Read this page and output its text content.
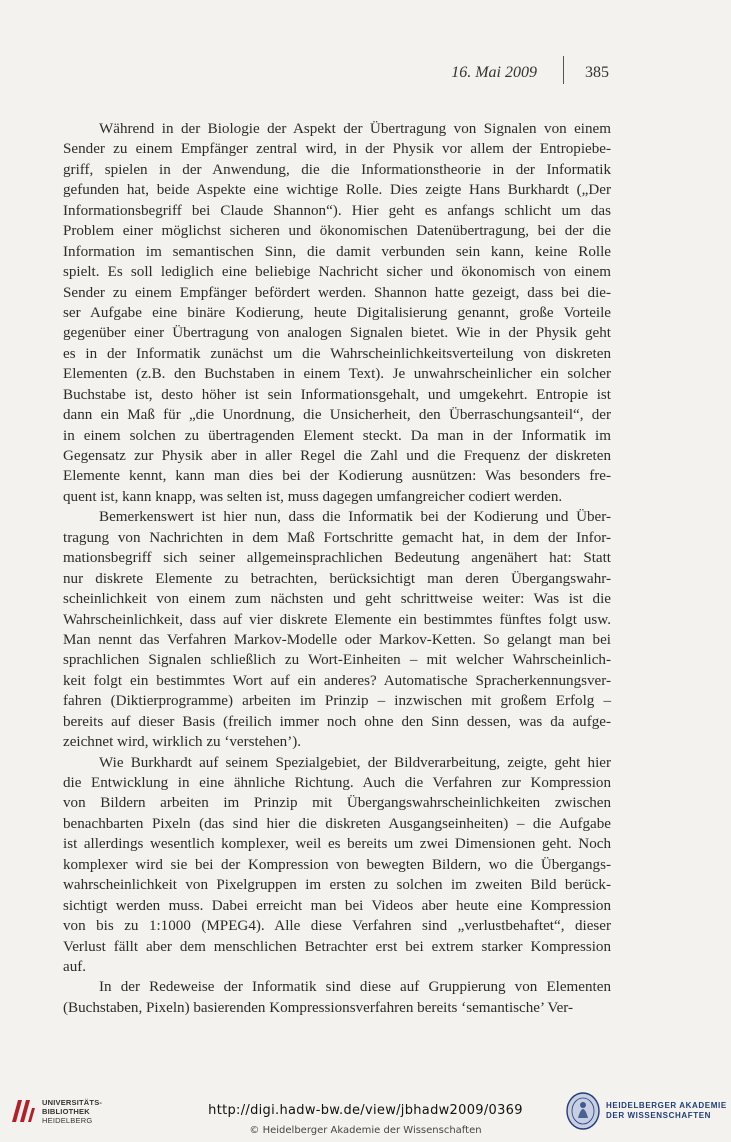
16. Mai 2009	385
Während in der Biologie der Aspekt der Übertragung von Signalen von einem
Sender zu einem Empfänger zentral wird, in der Physik vor allem der Entropiebe-
griff, spielen in der Anwendung, die die Informationstheorie in der Informatik
gefunden hat, beide Aspekte eine wichtige Rolle. Dies zeigte Hans Burkhardt („Der
Informationsbegriff bei Claude Shannon“). Hier geht es anfangs schlicht um das
Problem einer möglichst sicheren und ökonomischen Datenübertragung, bei der die
Information im semantischen Sinn, die damit verbunden sein kann, keine Rolle
spielt. Es soll lediglich eine beliebige Nachricht sicher und ökonomisch von einem
Sender zu einem Empfänger befördert werden. Shannon hatte gezeigt, dass bei die-
ser Aufgabe eine binäre Kodierung, heute Digitalisierung genannt, große Vorteile
gegenüber einer Übertragung von analogen Signalen bietet. Wie in der Physik geht
es in der Informatik zunächst um die Wahrscheinlichkeitsverteilung von diskreten
Elementen (z.B. den Buchstaben in einem Text). Je unwahrscheinlicher ein solcher
Buchstabe ist, desto höher ist sein Informationsgehalt, und umgekehrt. Entropie ist
dann ein Maß für „die Unordnung, die Unsicherheit, den Überraschungsanteil“, der
in einem solchen zu übertragenden Element steckt. Da man in der Informatik im
Gegensatz zur Physik aber in aller Regel die Zahl und die Frequenz der diskreten
Elemente kennt, kann man dies bei der Kodierung ausnützen: Was besonders fre-
quent ist, kann knapp, was selten ist, muss dagegen umfangreicher codiert werden.
Bemerkenswert ist hier nun, dass die Informatik bei der Kodierung und Über-
tragung von Nachrichten in dem Maß Fortschritte gemacht hat, in dem der Infor-
mationsbegriff sich seiner allgemeinsprachlichen Bedeutung angenähert hat: Statt
nur diskrete Elemente zu betrachten, berücksichtigt man deren Übergangswahr-
scheinlichkeit von einem zum nächsten und geht schrittweise weiter: Was ist die
Wahrscheinlichkeit, dass auf vier diskrete Elemente ein bestimmtes fünftes folgt usw.
Man nennt das Verfahren Markov-Modelle oder Markov-Ketten. So gelangt man bei
sprachlichen Signalen schließlich zu Wort-Einheiten – mit welcher Wahrscheinlich-
keit folgt ein bestimmtes Wort auf ein anderes? Automatische Spracherkennungsver-
fahren (Diktierprogramme) arbeiten im Prinzip – inzwischen mit großem Erfolg –
bereits auf dieser Basis (freilich immer noch ohne den Sinn dessen, was da aufge-
zeichnet wird, wirklich zu ‘verstehen’).
Wie Burkhardt auf seinem Spezialgebiet, der Bildverarbeitung, zeigte, geht hier
die Entwicklung in eine ähnliche Richtung. Auch die Verfahren zur Kompression
von Bildern arbeiten im Prinzip mit Übergangswahrscheinlichkeiten zwischen
benachbarten Pixeln (das sind hier die diskreten Ausgangseinheiten) – die Aufgabe
ist allerdings wesentlich komplexer, weil es bereits um zwei Dimensionen geht. Noch
komplexer wird sie bei der Kompression von bewegten Bildern, wo die Übergangs-
wahrscheinlichkeit von Pixelgruppen im ersten zu solchen im zweiten Bild berück-
sichtigt werden muss. Dabei erreicht man bei Videos aber heute eine Kompression
von bis zu 1:1000 (MPEG4). Alle diese Verfahren sind „verlustbehaftet“, dieser
Verlust fällt aber dem menschlichen Betrachter erst bei extrem starker Kompression
auf.
In der Redeweise der Informatik sind diese auf Gruppierung von Elementen
(Buchstaben, Pixeln) basierenden Kompressionsverfahren bereits ‘semantische’ Ver-
UNIVERSITÄTS-
BIBLIOTHEK
HEIDELBERG
http://digi.hadw-bw.de/view/jbhadw2009/0369
© Heidelberger Akademie der Wissenschaften
HEIDELBERGER AKADEMIE
DER WISSENSCHAFTEN
